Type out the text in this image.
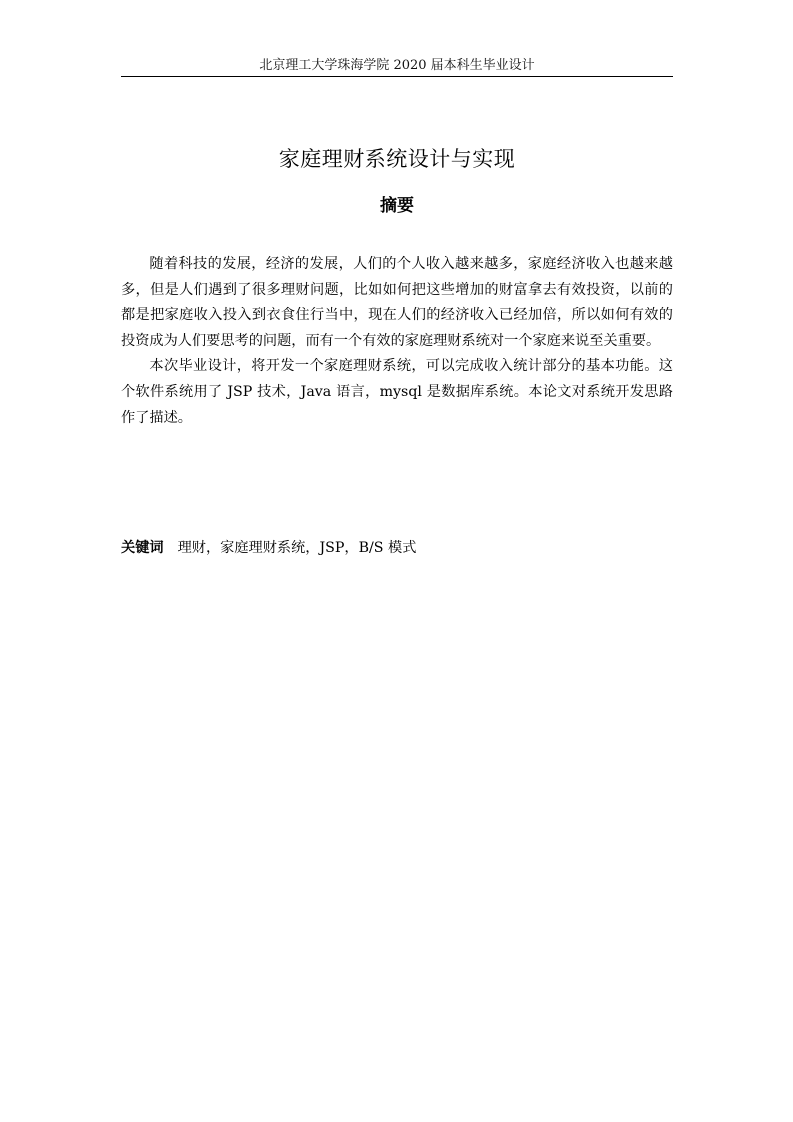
北京理工大学珠海学院 2020 届本科生毕业设计
家庭理财系统设计与实现
摘要

随着科技的发展，经济的发展，人们的个人收入越来越多，家庭经济收入也越来越多，但是人们遇到了很多理财问题，比如如何把这些增加的财富拿去有效投资，以前的都是把家庭收入投入到衣食住行当中，现在人们的经济收入已经加倍，所以如何有效的投资成为人们要思考的问题，而有一个有效的家庭理财系统对一个家庭来说至关重要。

本次毕业设计，将开发一个家庭理财系统，可以完成收入统计部分的基本功能。这个软件系统用了 JSP 技术，Java 语言，mysql 是数据库系统。本论文对系统开发思路作了描述。

关键词 理财，家庭理财系统，JSP，B/S 模式
